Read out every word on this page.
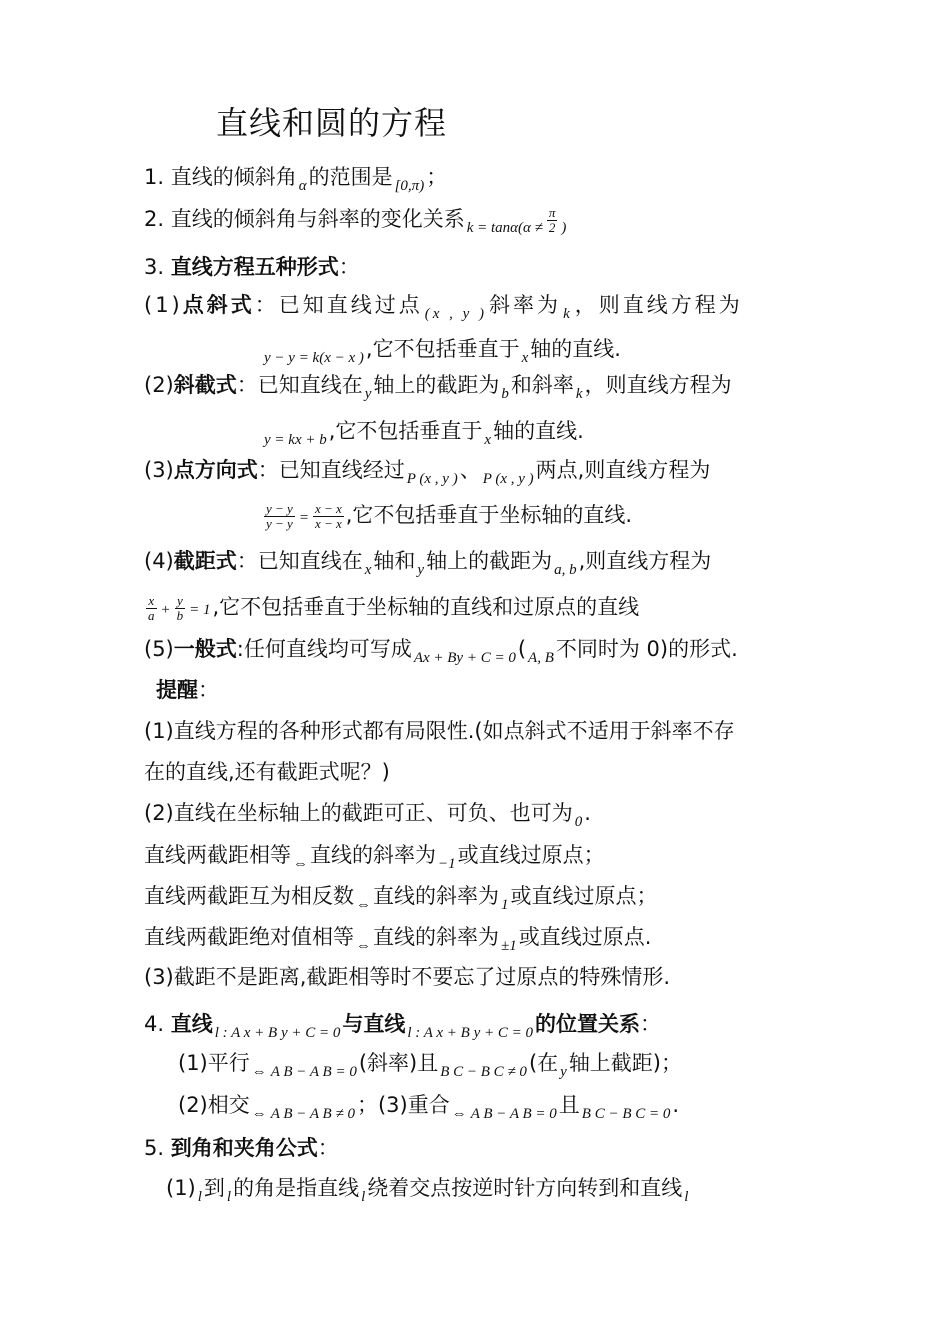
直线和圆的方程
1. 直线的倾斜角 $_\alpha$的范围是 $_{[0,\pi)}$；
2. 直线的倾斜角与斜率的变化关系 $_{k = tan\alpha(\alpha \ne} \frac{\pi}{2} _)$
3. 直线方程五种形式：
(1)点斜式：已知直线过点 $_{(x , y )}$斜率为 $_k$，则直线方程为
$_{y - y = k(x - x )}$,它不包括垂直于 $_x$轴的直线.
(2)斜截式：已知直线在 $_y$轴上的截距为 $_b$和斜率 $_k$，则直线方程为
$_{y = kx + b}$,它不包括垂直于 $_x$轴的直线.
(3)点方向式：已知直线经过 $_{P (x , y )}$、 $_{P (x , y )}$两点,则直线方程为
$\frac{y - y}{y - y} = \frac{x - x}{x - x}$ ,它不包括垂直于坐标轴的直线.
(4)截距式：已知直线在 $_x$轴和 $_y$轴上的截距为 $_{a, b}$,则直线方程为
$\frac{x}{a} + \frac{y}{b} = 1$,它不包括垂直于坐标轴的直线和过原点的直线
(5)一般式:任何直线均可写成 $_{Ax + By + C = 0}$( $_{A, B}$不同时为 0)的形式.
提醒：
(1)直线方程的各种形式都有局限性.(如点斜式不适用于斜率不存
在的直线,还有截距式呢？)
(2)直线在坐标轴上的截距可正、可负、也可为 $_0$.
直线两截距相等 $_\Leftrightarrow$直线的斜率为 $_{-1}$或直线过原点；
直线两截距互为相反数 $_\Leftrightarrow$直线的斜率为 $_1$或直线过原点；
直线两截距绝对值相等 $_\Leftrightarrow$直线的斜率为 $_{\pm 1}$或直线过原点.
(3)截距不是距离,截距相等时不要忘了过原点的特殊情形.
4. 直线 $_{l : A x + B y + C = 0}$与直线 $_{l : A x + B y + C = 0}$的位置关系：
(1)平行 $_\Leftrightarrow$ $_{A B - A B = 0}$(斜率)且 $_{B C - B C \ne 0}$(在 $_y$轴上截距)；
(2)相交 $_\Leftrightarrow$ $_{A B - A B \ne 0}$；(3)重合 $_\Leftrightarrow$ $_{A B - A B = 0}$且 $_{B C - B C = 0}$.
5. 到角和夹角公式：
(1) $_l$到 $_l$的角是指直线 $_l$绕着交点按逆时针方向转到和直线 $_l$
